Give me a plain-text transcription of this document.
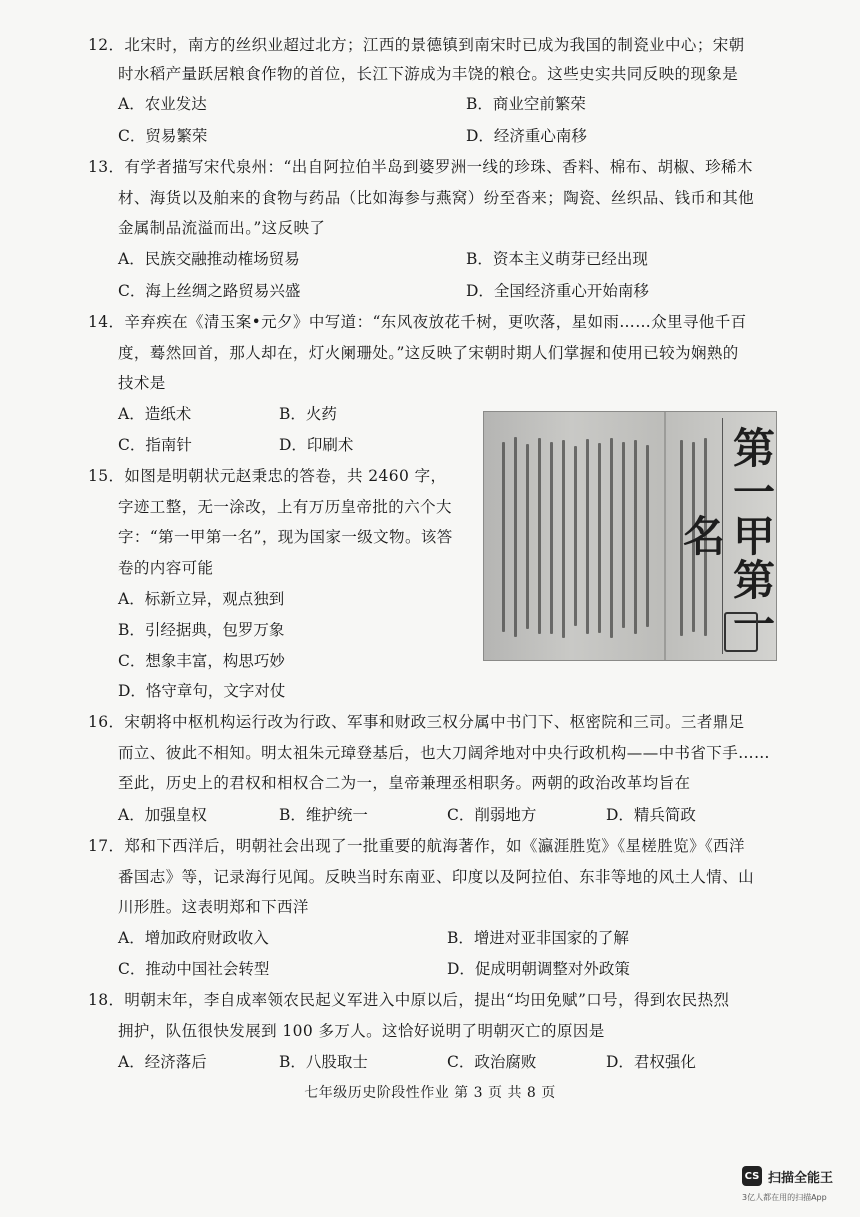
12．北宋时，南方的丝织业超过北方；江西的景德镇到南宋时已成为我国的制瓷业中心；宋朝
时水稻产量跃居粮食作物的首位，长江下游成为丰饶的粮仓。这些史实共同反映的现象是
A．农业发达	B．商业空前繁荣
C．贸易繁荣	D．经济重心南移
13．有学者描写宋代泉州：“出自阿拉伯半岛到婆罗洲一线的珍珠、香料、棉布、胡椒、珍稀木
材、海货以及舶来的食物与药品（比如海参与燕窝）纷至沓来；陶瓷、丝织品、钱币和其他
金属制品流溢而出。”这反映了
A．民族交融推动榷场贸易	B．资本主义萌芽已经出现
C．海上丝绸之路贸易兴盛	D．全国经济重心开始南移
14．辛弃疾在《清玉案•元夕》中写道：“东风夜放花千树，更吹落，星如雨……众里寻他千百
度，蓦然回首，那人却在，灯火阑珊处。”这反映了宋朝时期人们掌握和使用已较为娴熟的
技术是
A．造纸术	B．火药
C．指南针	D．印刷术
15．如图是明朝状元赵秉忠的答卷，共 2460 字，
字迹工整，无一涂改，上有万历皇帝批的六个大
字：“第一甲第一名”，现为国家一级文物。该答
卷的内容可能
A．标新立异，观点独到
B．引经据典，包罗万象
C．想象丰富，构思巧妙
D．恪守章句，文字对仗
第一甲第一名
16．宋朝将中枢机构运行改为行政、军事和财政三权分属中书门下、枢密院和三司。三者鼎足
而立、彼此不相知。明太祖朱元璋登基后，也大刀阔斧地对中央行政机构——中书省下手……
至此，历史上的君权和相权合二为一，皇帝兼理丞相职务。两朝的政治改革均旨在
A．加强皇权	B．维护统一	C．削弱地方	D．精兵简政
17．郑和下西洋后，明朝社会出现了一批重要的航海著作，如《瀛涯胜览》《星槎胜览》《西洋
番国志》等，记录海行见闻。反映当时东南亚、印度以及阿拉伯、东非等地的风土人情、山
川形胜。这表明郑和下西洋
A．增加政府财政收入	B．增进对亚非国家的了解
C．推动中国社会转型	D．促成明朝调整对外政策
18．明朝末年，李自成率领农民起义军进入中原以后，提出“均田免赋”口号，得到农民热烈
拥护，队伍很快发展到 100 多万人。这恰好说明了明朝灭亡的原因是
A．经济落后	B．八股取士	C．政治腐败	D．君权强化
七年级历史阶段性作业 第 3 页 共 8 页
CS 扫描全能王
3亿人都在用的扫描App
